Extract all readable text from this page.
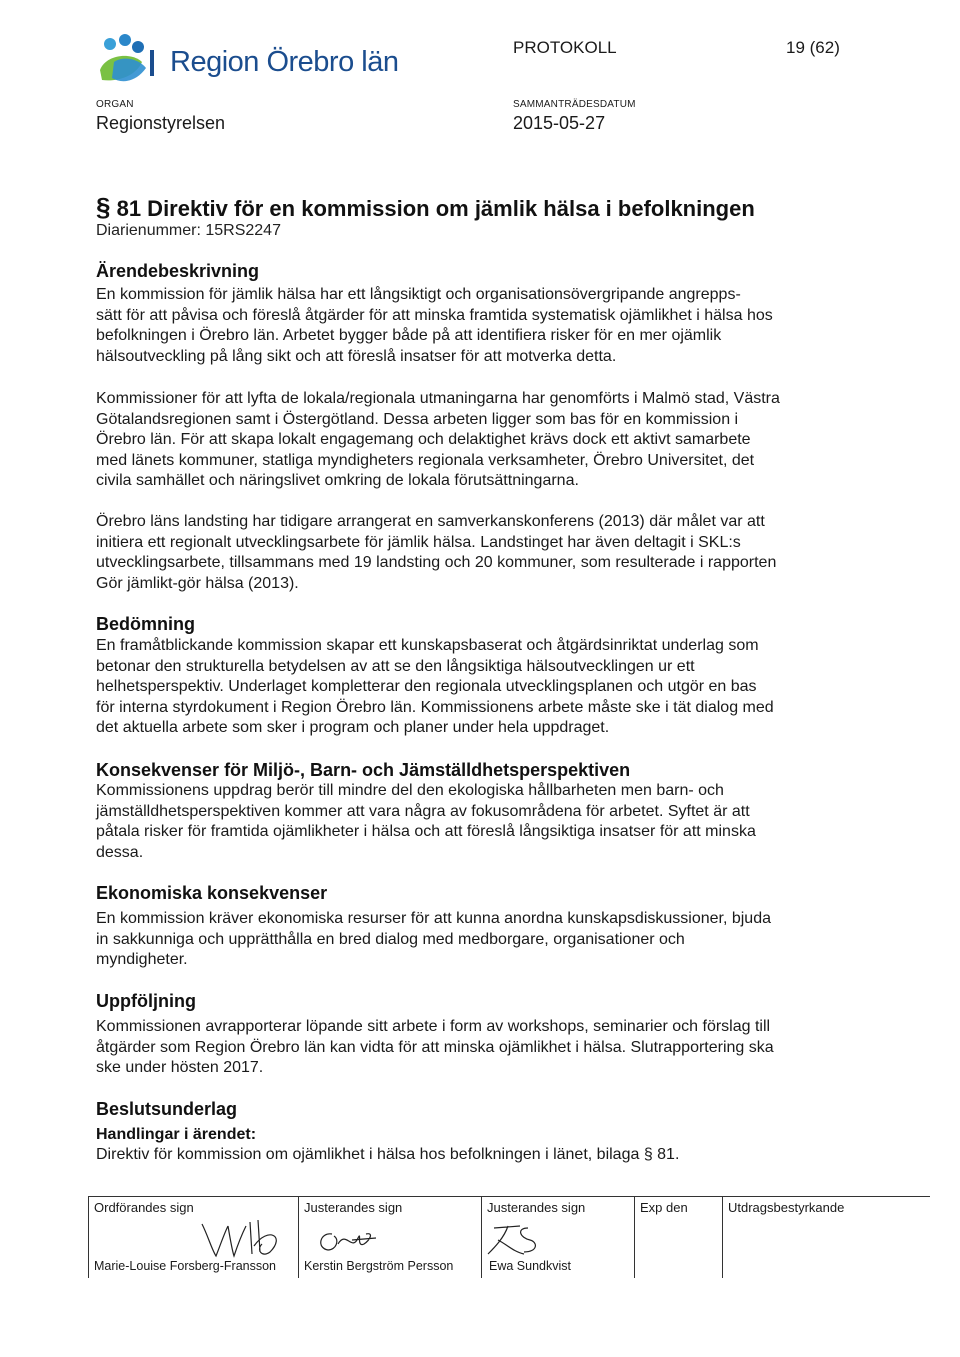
Region Örebro län	PROTOKOLL	19 (62)
ORGAN
Regionstyrelsen
SAMMANTRÄDESDATUM
2015-05-27
§ 81 Direktiv för en kommission om jämlik hälsa i befolkningen
Diarienummer: 15RS2247
Ärendebeskrivning
En kommission för jämlik hälsa har ett långsiktigt och organisationsövergripande angrepps-
sätt för att påvisa och föreslå åtgärder för att minska framtida systematisk ojämlikhet i hälsa hos
befolkningen i Örebro län. Arbetet bygger både på att identifiera risker för en mer ojämlik
hälsoutveckling på lång sikt och att föreslå insatser för att motverka detta.
Kommissioner för att lyfta de lokala/regionala utmaningarna har genomförts i Malmö stad, Västra
Götalandsregionen samt i Östergötland. Dessa arbeten ligger som bas för en kommission i
Örebro län. För att skapa lokalt engagemang och delaktighet krävs dock ett aktivt samarbete
med länets kommuner, statliga myndigheters regionala verksamheter, Örebro Universitet, det
civila samhället och näringslivet omkring de lokala förutsättningarna.
Örebro läns landsting har tidigare arrangerat en samverkanskonferens (2013) där målet var att
initiera ett regionalt utvecklingsarbete för jämlik hälsa. Landstinget har även deltagit i SKL:s
utvecklingsarbete, tillsammans med 19 landsting och 20 kommuner, som resulterade i rapporten
Gör jämlikt-gör hälsa (2013).
Bedömning
En framåtblickande kommission skapar ett kunskapsbaserat och åtgärdsinriktat underlag som
betonar den strukturella betydelsen av att se den långsiktiga hälsoutvecklingen ur ett
helhetsperspektiv. Underlaget kompletterar den regionala utvecklingsplanen och utgör en bas
för interna styrdokument i Region Örebro län. Kommissionens arbete måste ske i tät dialog med
det aktuella arbete som sker i program och planer under hela uppdraget.
Konsekvenser för Miljö-, Barn- och Jämställdhetsperspektiven
Kommissionens uppdrag berör till mindre del den ekologiska hållbarheten men barn- och
jämställdhetsperspektiven kommer att vara några av fokusområdena för arbetet. Syftet är att
påtala risker för framtida ojämlikheter i hälsa och att föreslå långsiktiga insatser för att minska
dessa.
Ekonomiska konsekvenser
En kommission kräver ekonomiska resurser för att kunna anordna kunskapsdiskussioner, bjuda
in sakkunniga och upprätthålla en bred dialog med medborgare, organisationer och
myndigheter.
Uppföljning
Kommissionen avrapporterar löpande sitt arbete i form av workshops, seminarier och förslag till
åtgärder som Region Örebro län kan vidta för att minska ojämlikhet i hälsa. Slutrapportering ska
ske under hösten 2017.
Beslutsunderlag
Handlingar i ärendet:
Direktiv för kommission om ojämlikhet i hälsa hos befolkningen i länet, bilaga § 81.
Ordförandes sign
Marie-Louise Forsberg-Fransson
Justerandes sign
Kerstin Bergström Persson
Justerandes sign
Ewa Sundkvist
Exp den	Utdragsbestyrkande
